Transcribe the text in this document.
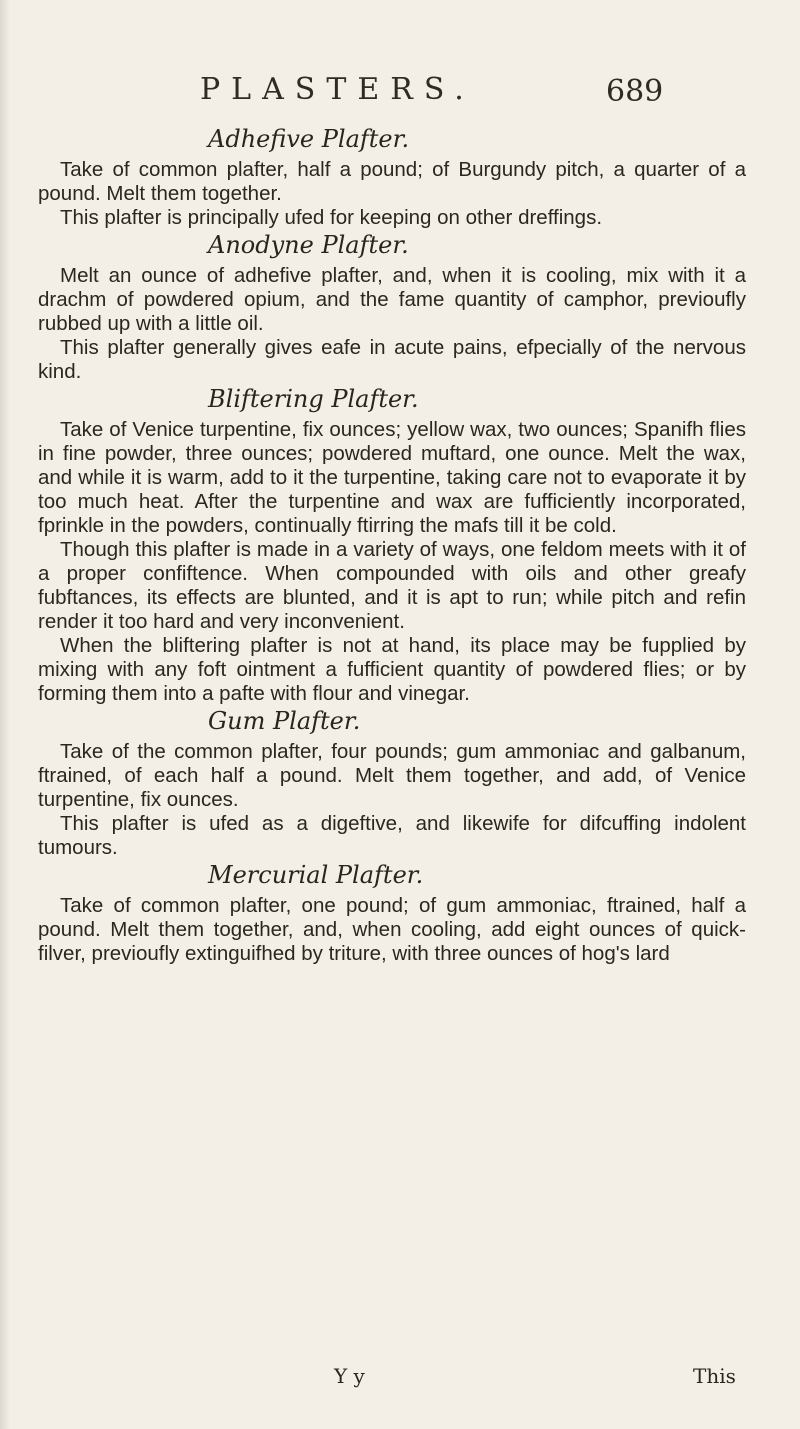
PLASTERS.	689
Adhefive Plafter.

Take of common plafter, half a pound; of Burgundy pitch, a quarter of a pound. Melt them together.

This plafter is principally ufed for keeping on other dreffings.

Anodyne Plafter.

Melt an ounce of adhefive plafter, and, when it is cooling, mix with it a drachm of powdered opium, and the fame quantity of camphor, previoufly rubbed up with a little oil.

This plafter generally gives eafe in acute pains, efpecially of the nervous kind.

Bliftering Plafter.

Take of Venice turpentine, fix ounces; yellow wax, two ounces; Spanifh flies in fine powder, three ounces; powdered muftard, one ounce. Melt the wax, and while it is warm, add to it the turpentine, taking care not to evaporate it by too much heat. After the turpentine and wax are fufficiently incorporated, fprinkle in the powders, continually ftirring the mafs till it be cold.

Though this plafter is made in a variety of ways, one feldom meets with it of a proper confiftence. When compounded with oils and other greafy fubftances, its effects are blunted, and it is apt to run; while pitch and refin render it too hard and very inconvenient.

When the bliftering plafter is not at hand, its place may be fupplied by mixing with any foft ointment a fufficient quantity of powdered flies; or by forming them into a pafte with flour and vinegar.

Gum Plafter.

Take of the common plafter, four pounds; gum ammoniac and galbanum, ftrained, of each half a pound. Melt them together, and add, of Venice turpentine, fix ounces.

This plafter is ufed as a digeftive, and likewife for difcuffing indolent tumours.

Mercurial Plafter.

Take of common plafter, one pound; of gum ammoniac, ftrained, half a pound. Melt them together, and, when cooling, add eight ounces of quick-filver, previoufly extinguifhed by triture, with three ounces of hog's lard

Y y	This
